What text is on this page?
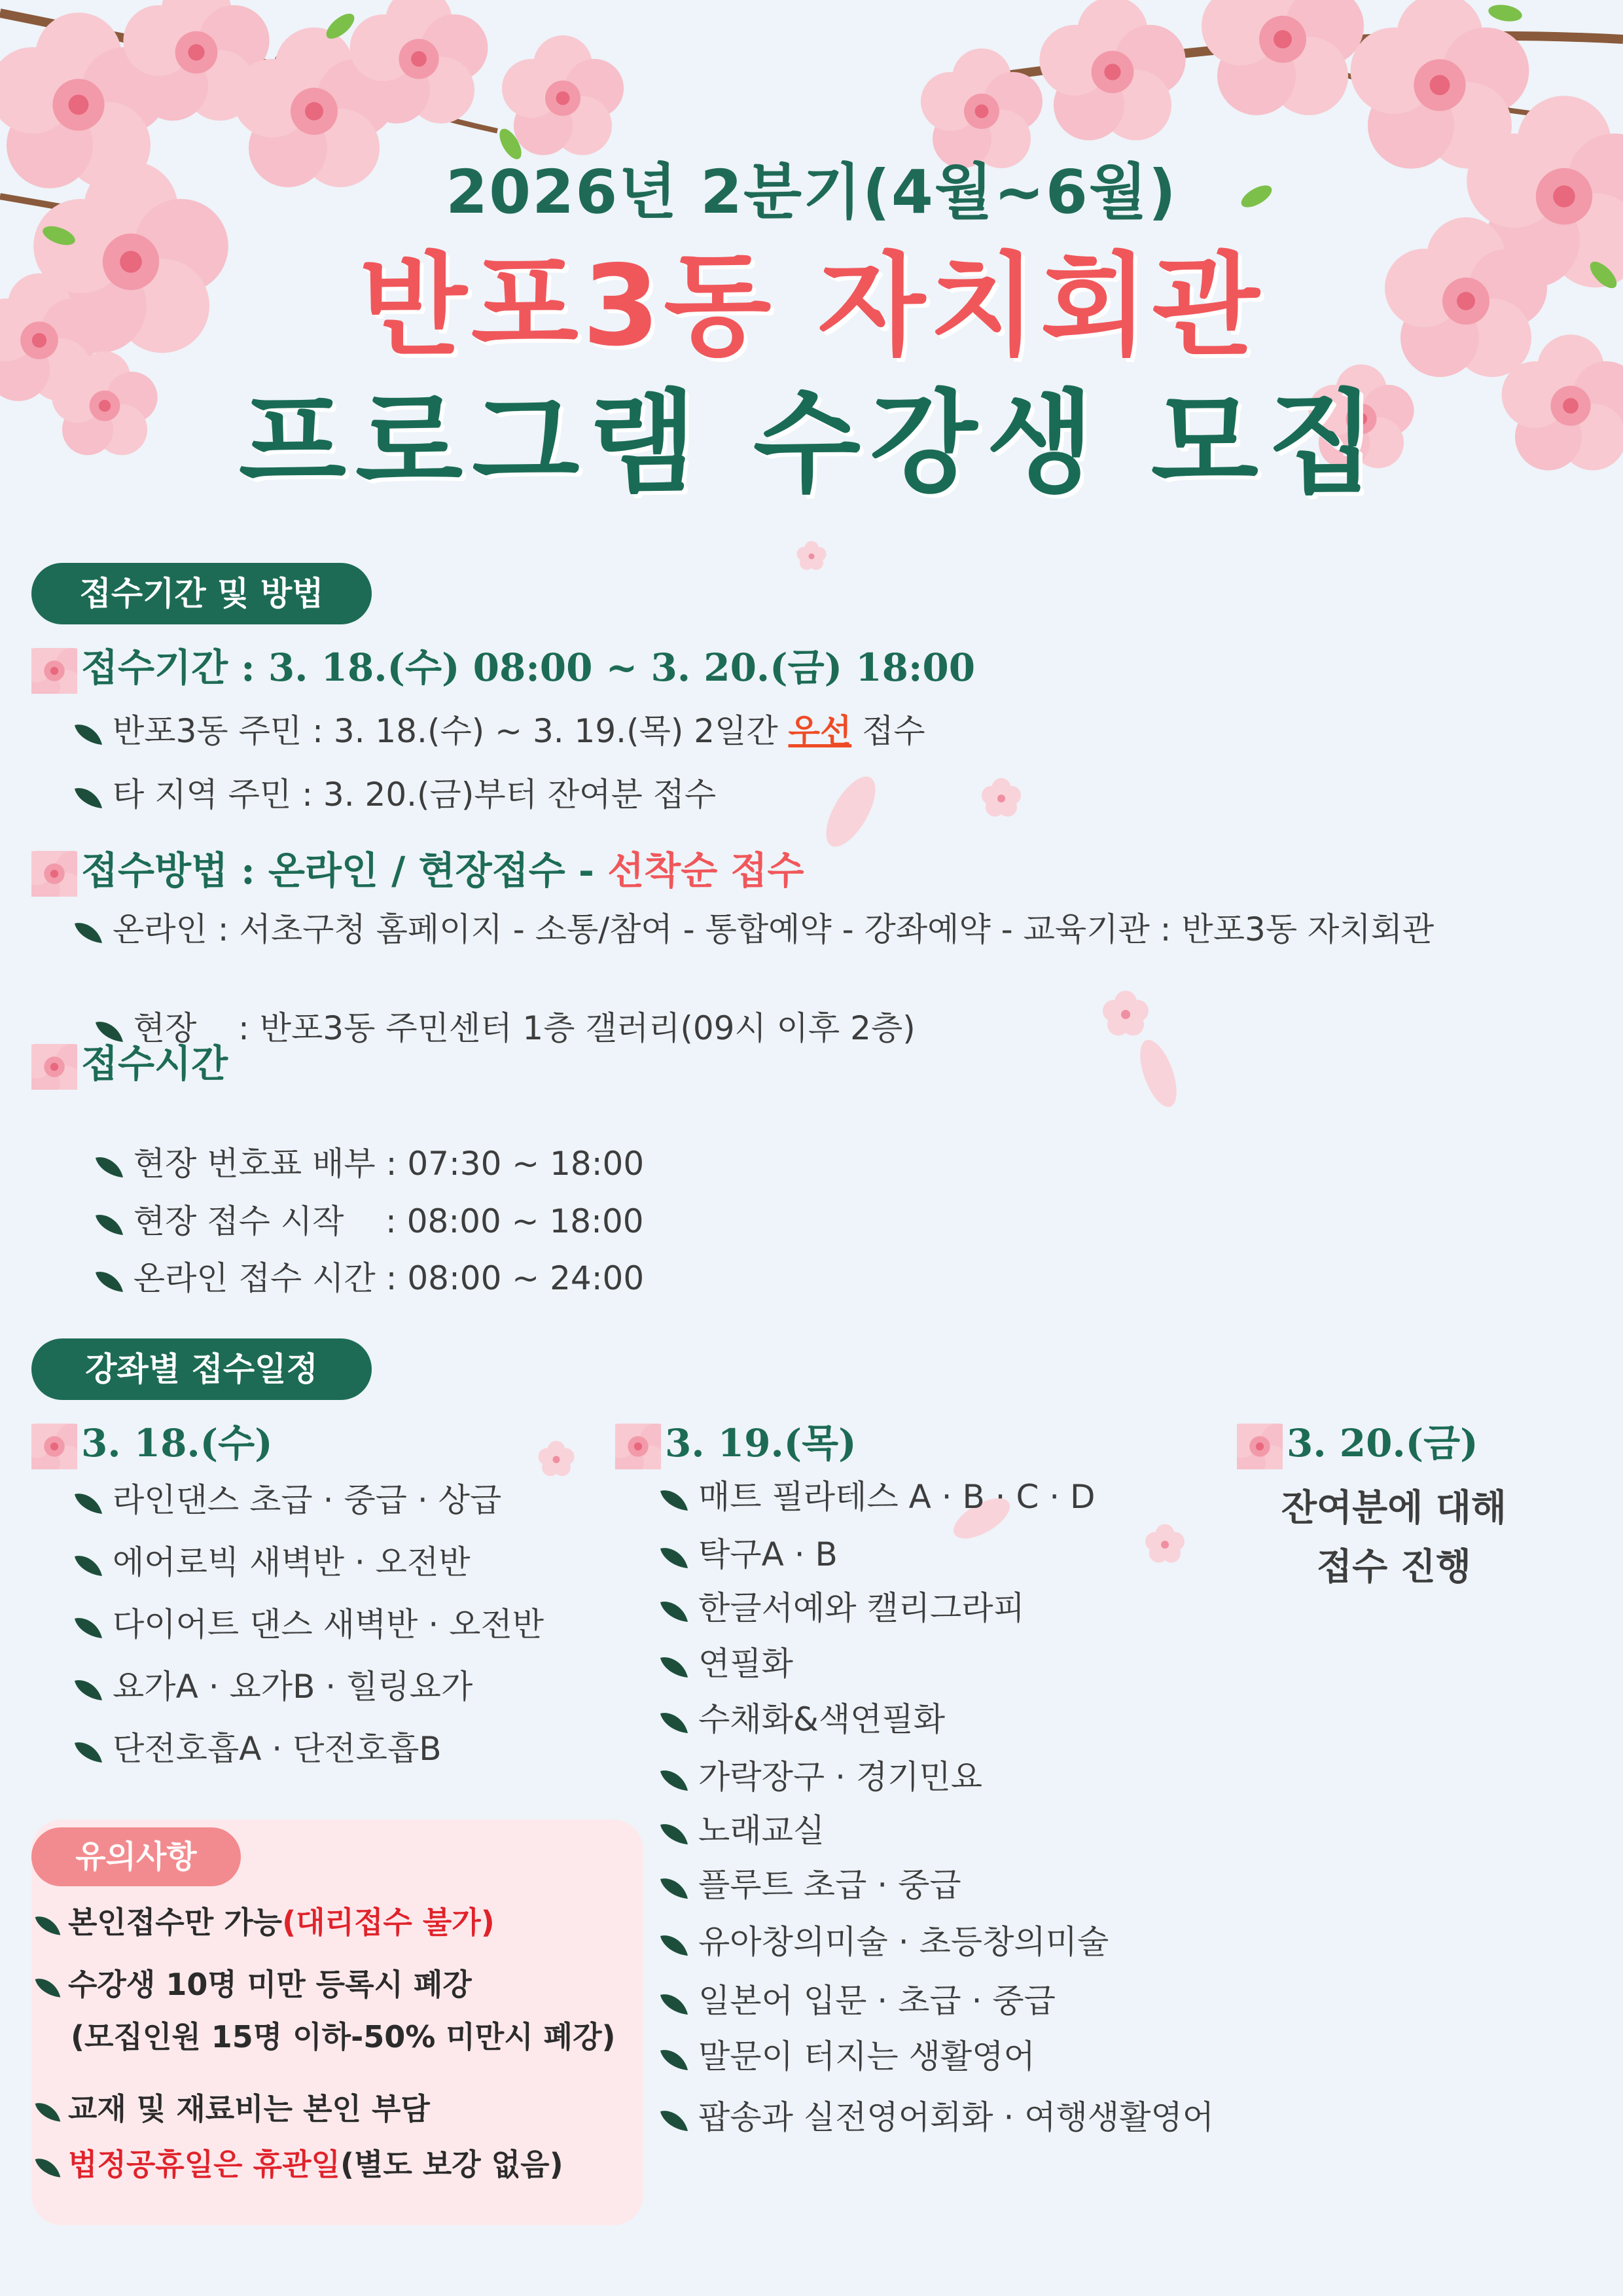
2026년 2분기(4월~6월)
반포3동 자치회관
프로그램 수강생 모집
접수기간 및 방법
접수기간 : 3. 18.(수) 08:00 ~ 3. 20.(금) 18:00
반포3동 주민 : 3. 18.(수) ~ 3. 19.(목) 2일간 우선 접수
타 지역 주민 : 3. 20.(금)부터 잔여분 접수
접수방법 : 온라인 / 현장접수 - 선착순 접수
온라인 : 서초구청 홈페이지 - 소통/참여 - 통합예약 - 강좌예약 - 교육기관 : 반포3동 자치회관

현장    : 반포3동 주민센터 1층 갤러리(09시 이후 2층)

접수시간

현장 번호표 배부 : 07:30 ~ 18:00

현장 접수 시작    : 08:00 ~ 18:00

온라인 접수 시간 : 08:00 ~ 24:00

강좌별 접수일정
3. 18.(수)
라인댄스 초급 · 중급 · 상급
에어로빅 새벽반 · 오전반
다이어트 댄스 새벽반 · 오전반
요가A · 요가B · 힐링요가
단전호흡A · 단전호흡B
3. 19.(목)
매트 필라테스 A · B · C · D
탁구A · B
한글서예와 캘리그라피
연필화
수채화&색연필화
가락장구 · 경기민요
노래교실
플루트 초급 · 중급
유아창의미술 · 초등창의미술
일본어 입문 · 초급 · 중급
말문이 터지는 생활영어
팝송과 실전영어회화 · 여행생활영어
3. 20.(금)
잔여분에 대해
접수 진행
유의사항
본인접수만 가능(대리접수 불가)
수강생 10명 미만 등록시 폐강
(모집인원 15명 이하-50% 미만시 폐강)
교재 및 재료비는 본인 부담
법정공휴일은 휴관일(별도 보강 없음)
